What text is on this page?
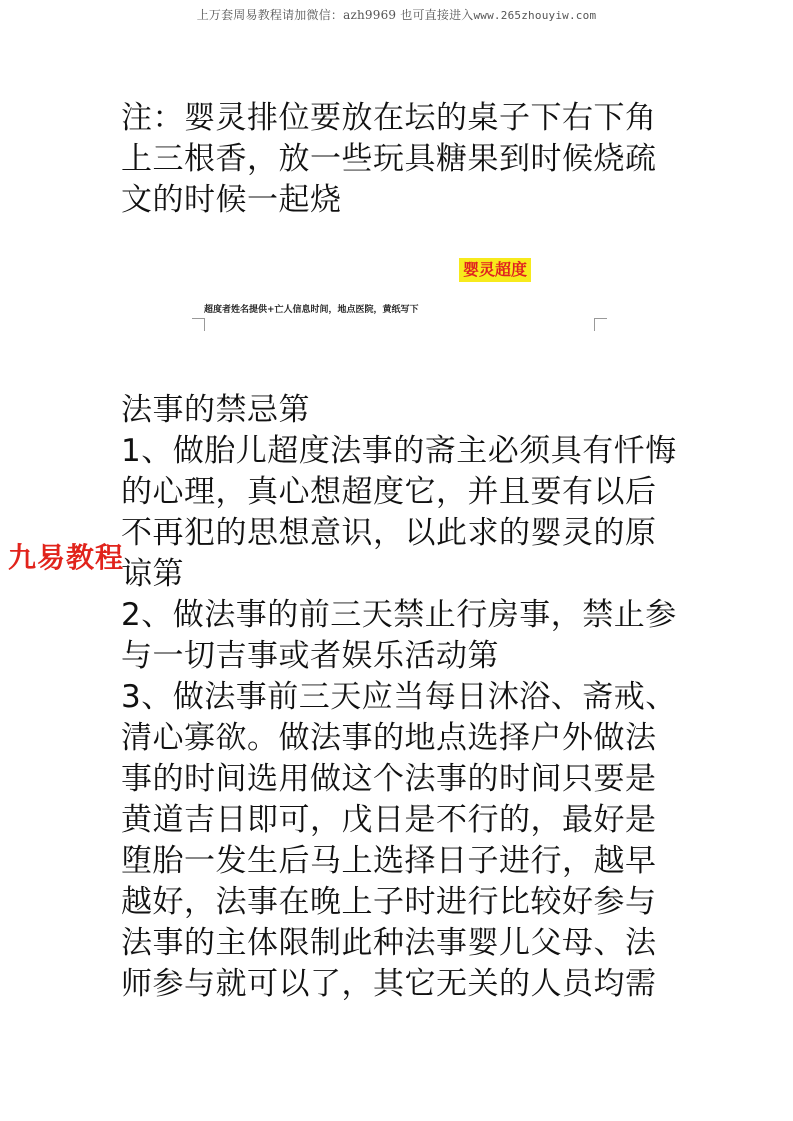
上万套周易教程请加微信：azh9969 也可直接进入www.265zhouyiw.com
注：婴灵排位要放在坛的桌子下右下角
上三根香，放一些玩具糖果到时候烧疏
文的时候一起烧
婴灵超度
超度者姓名提供+亡人信息时间，地点医院，黄纸写下
法事的禁忌第
1、做胎儿超度法事的斋主必须具有忏悔
的心理，真心想超度它，并且要有以后
不再犯的思想意识，以此求的婴灵的原
谅第
2、做法事的前三天禁止行房事，禁止参
与一切吉事或者娱乐活动第
3、做法事前三天应当每日沐浴、斋戒、
清心寡欲。做法事的地点选择户外做法
事的时间选用做这个法事的时间只要是
黄道吉日即可，戊日是不行的，最好是
堕胎一发生后马上选择日子进行，越早
越好，法事在晚上子时进行比较好参与
法事的主体限制此种法事婴儿父母、法
师参与就可以了，其它无关的人员均需
九易教程
